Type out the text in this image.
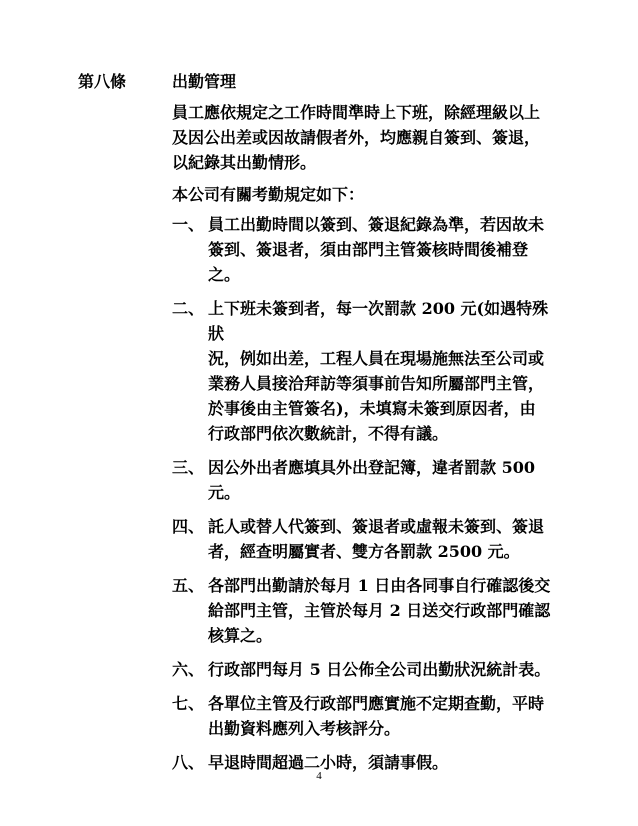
第八條	出勤管理

員工應依規定之工作時間準時上下班，除經理級以上
及因公出差或因故請假者外，均應親自簽到、簽退，
以紀錄其出勤情形。

本公司有關考勤規定如下：

一、 員工出勤時間以簽到、簽退紀錄為準，若因故未
簽到、簽退者，須由部門主管簽核時間後補登
之。
二、 上下班未簽到者，每一次罰款 200 元(如遇特殊狀
況，例如出差，工程人員在現場施無法至公司或
業務人員接洽拜訪等須事前告知所屬部門主管，
於事後由主管簽名)，未填寫未簽到原因者，由
行政部門依次數統計，不得有議。
三、 因公外出者應填具外出登記簿，違者罰款 500
元。
四、 託人或替人代簽到、簽退者或虛報未簽到、簽退
者，經查明屬實者、雙方各罰款 2500 元。
五、 各部門出勤請於每月 1 日由各同事自行確認後交
給部門主管，主管於每月 2 日送交行政部門確認
核算之。
六、 行政部門每月 5 日公佈全公司出勤狀況統計表。
七、 各單位主管及行政部門應實施不定期查勤，平時
出勤資料應列入考核評分。
八、 早退時間超過二小時，須請事假。
4
